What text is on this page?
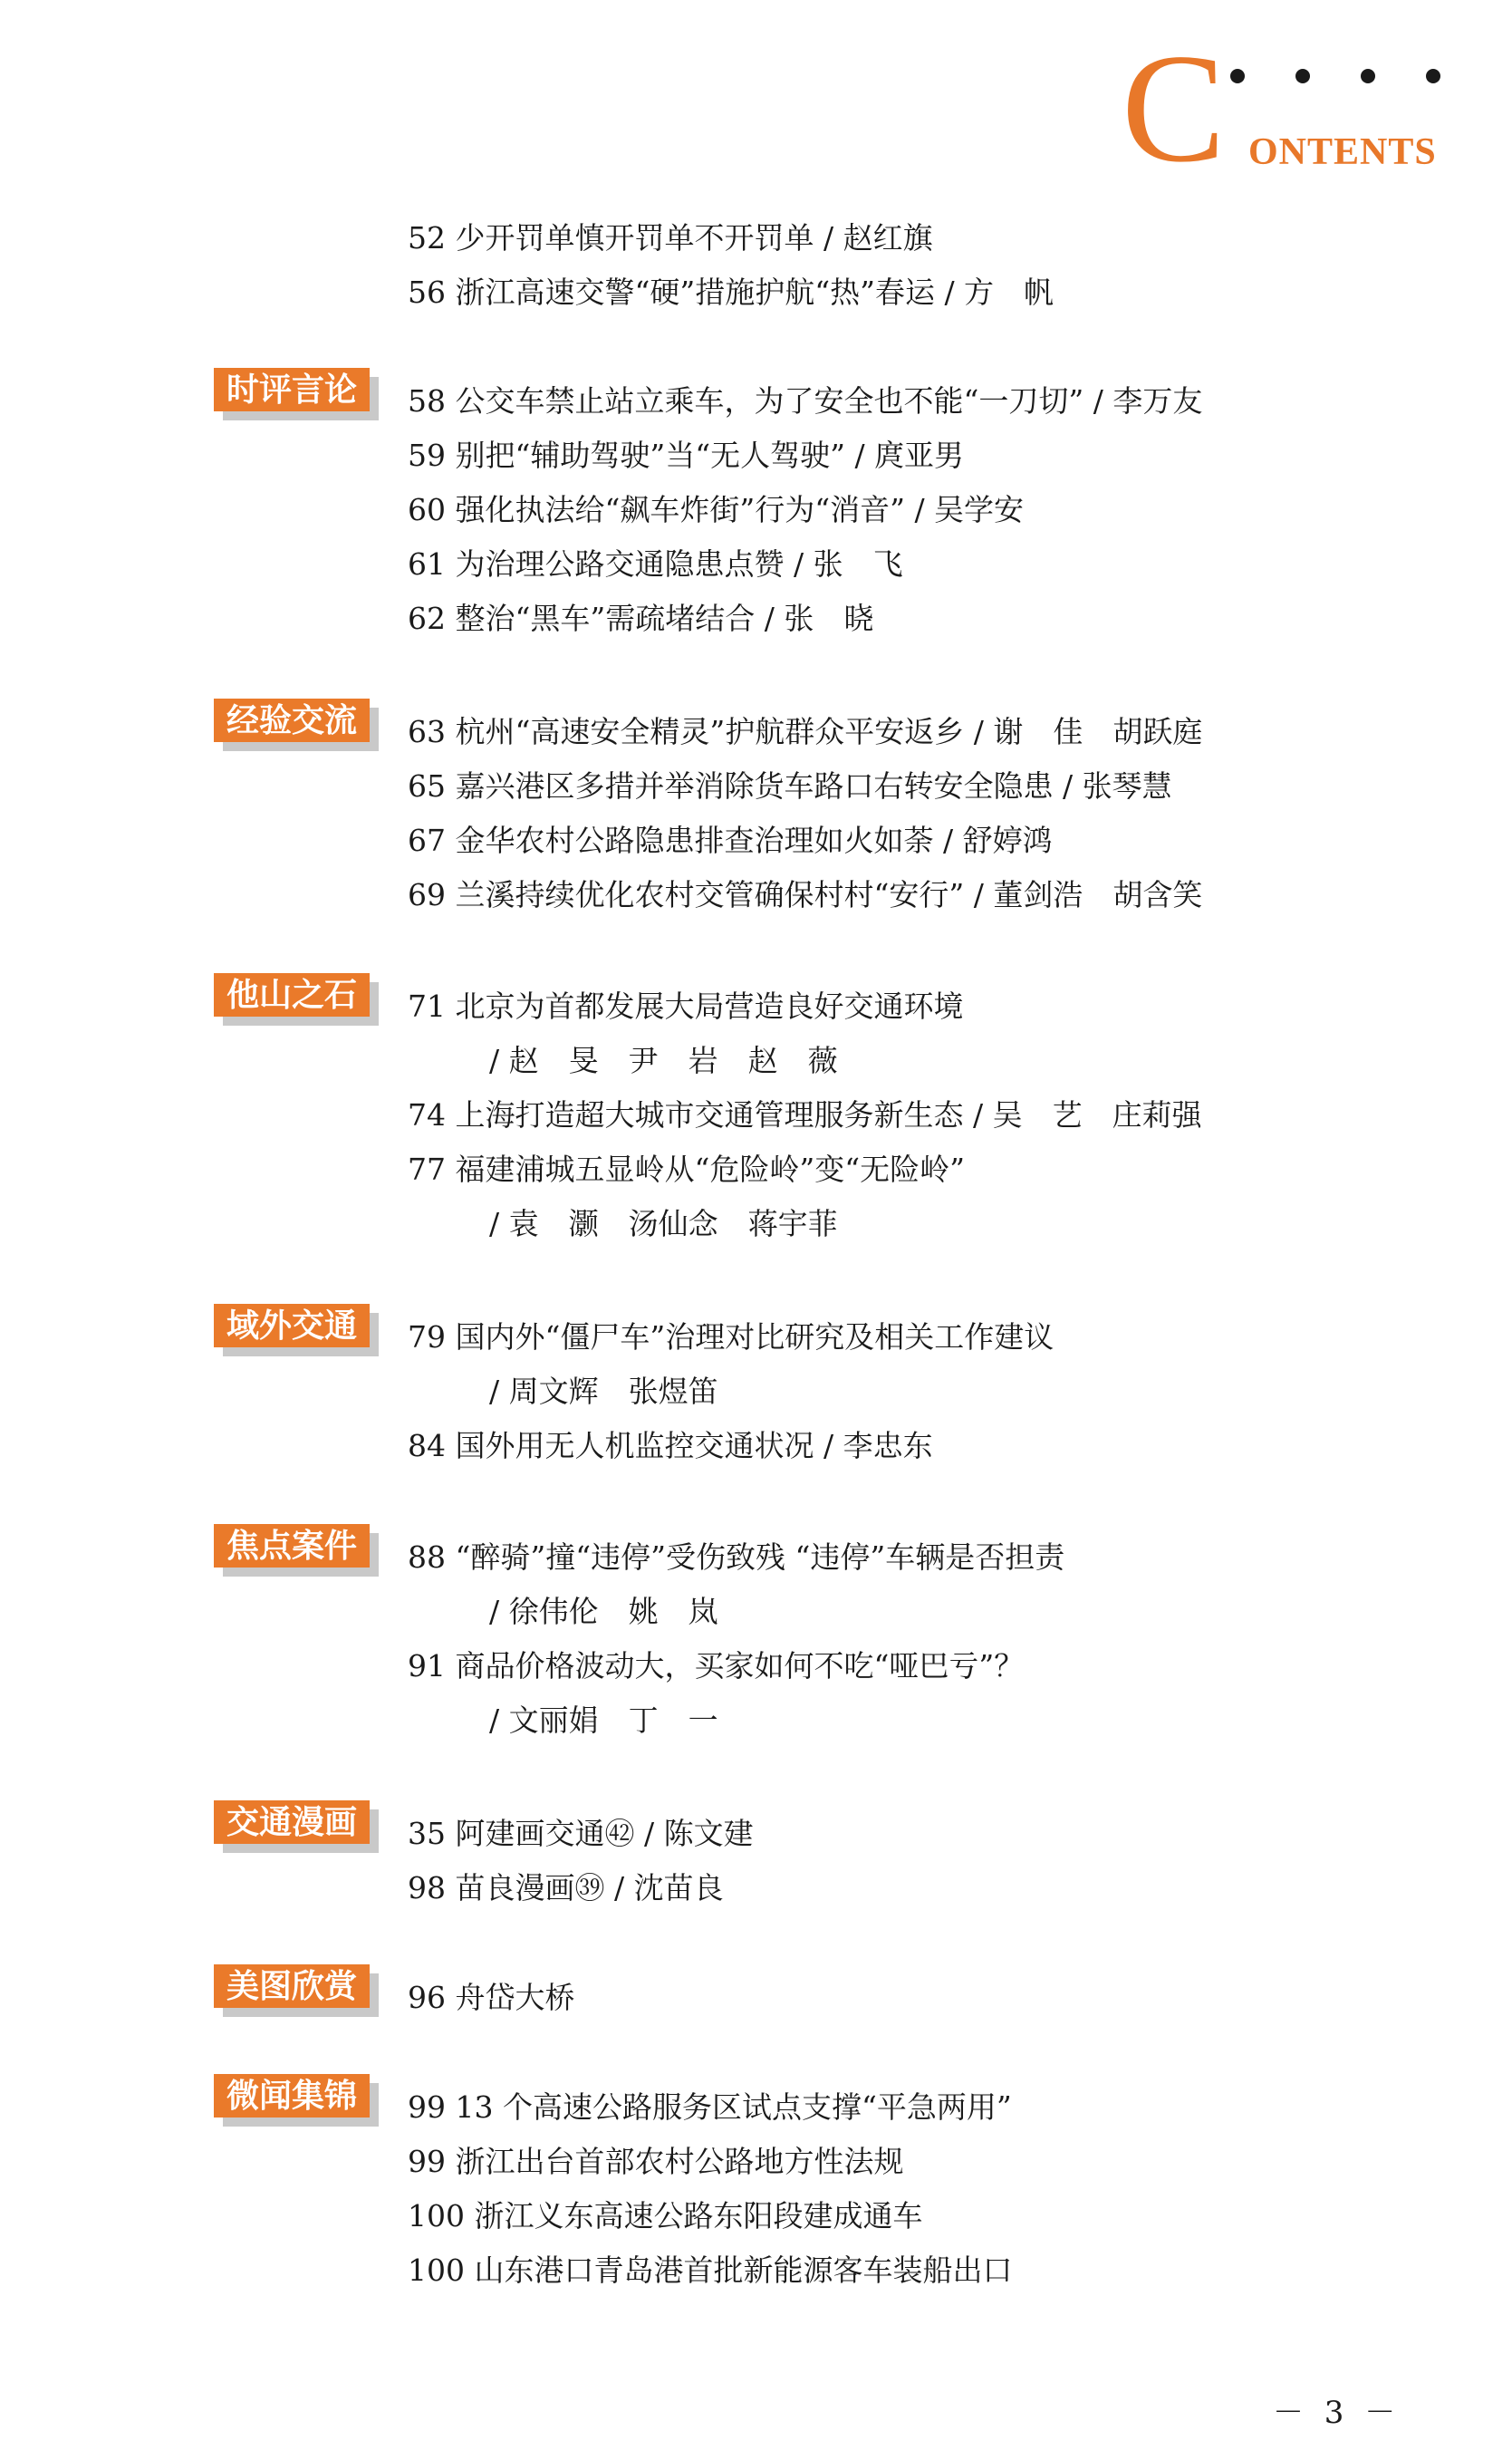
C ONTENTS
52 少开罚单慎开罚单不开罚单 / 赵红旗
56 浙江高速交警“硬”措施护航“热”春运 / 方　帆
时评言论	58 公交车禁止站立乘车，为了安全也不能“一刀切” / 李万友
59 别把“辅助驾驶”当“无人驾驶” / 庹亚男
60 强化执法给“飙车炸街”行为“消音” / 吴学安
61 为治理公路交通隐患点赞 / 张　飞
62 整治“黑车”需疏堵结合 / 张　晓
经验交流	63 杭州“高速安全精灵”护航群众平安返乡 / 谢　佳　胡跃庭
65 嘉兴港区多措并举消除货车路口右转安全隐患 / 张琴慧
67 金华农村公路隐患排查治理如火如荼 / 舒婷鸿
69 兰溪持续优化农村交管确保村村“安行” / 董剑浩　胡含笑
他山之石	71 北京为首都发展大局营造良好交通环境
/ 赵　旻　尹　岩　赵　薇
74 上海打造超大城市交通管理服务新生态 / 吴　艺　庄莉强
77 福建浦城五显岭从“危险岭”变“无险岭”
/ 袁　灏　汤仙念　蒋宇菲
域外交通	79 国内外“僵尸车”治理对比研究及相关工作建议
/ 周文辉　张煜笛
84 国外用无人机监控交通状况 / 李忠东
焦点案件	88 “醉骑”撞“违停”受伤致残 “违停”车辆是否担责
/ 徐伟伦　姚　岚
91 商品价格波动大，买家如何不吃“哑巴亏”？
/ 文丽娟　丁　一
交通漫画	35 阿建画交通㊷ / 陈文建
98 苗良漫画㊴ / 沈苗良
美图欣赏	96 舟岱大桥
微闻集锦	99 13 个高速公路服务区试点支撑“平急两用”
99 浙江出台首部农村公路地方性法规
100 浙江义东高速公路东阳段建成通车
100 山东港口青岛港首批新能源客车装船出口
－ 3 －
